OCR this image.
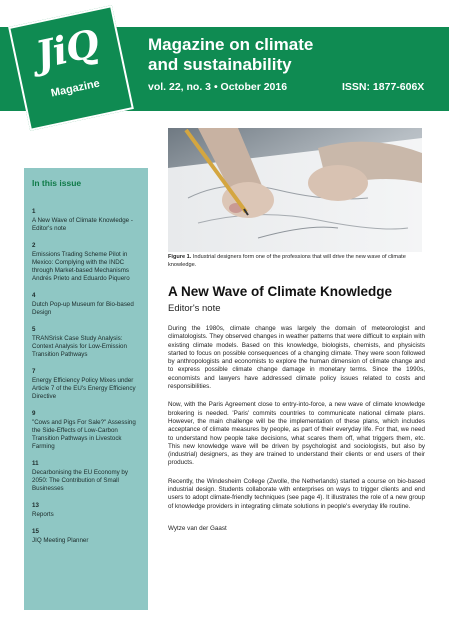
JiQ
Magazine
Magazine on climate
and sustainability
vol. 22, no. 3 • October 2016	ISSN: 1877-606X
In this issue
1
A New Wave of Climate Knowledge - Editor's note
2
Emissions Trading Scheme Pilot in Mexico: Complying with the INDC through Market-based Mechanisms
Andrés Prieto and Eduardo Piquero
4
Dutch Pop-up Museum for Bio-based Design
5
TRANSrisk Case Study Analysis: Context Analysis for Low-Emission Transition Pathways
7
Energy Efficiency Policy Mixes under Article 7 of the EU's Energy Efficiency Directive
9
"Cows and Pigs For Sale?" Assessing the Side-Effects of Low-Carbon Transition Pathways in Livestock Farming
11
Decarbonising the EU Economy by 2050: The Contribution of Small Businesses
13
Reports
15
JIQ Meeting Planner
Figure 1. Industrial designers form one of the professions that will drive the new wave of climate knowledge.
A New Wave of Climate Knowledge
Editor's note

During the 1980s, climate change was largely the domain of meteorologist and climatologists. They observed changes in weather patterns that were difficult to explain with existing climate models. Based on this knowledge, biologists, chemists, and physicists started to focus on possible consequences of a changing climate. They were soon followed by anthropologists and economists to explore the human dimension of climate change and to express possible climate change damage in monetary terms. Since the 1990s, economists and lawyers have addressed climate policy issues related to costs and responsibilities.

Now, with the Paris Agreement close to entry-into-force, a new wave of climate knowledge brokering is needed. 'Paris' commits countries to communicate national climate plans. However, the main challenge will be the implementation of these plans, which includes acceptance of climate measures by people, as part of their everyday life. For that, we need to understand how people take decisions, what scares them off, what triggers them, etc. This new knowledge wave will be driven by psychologist and sociologists, but also by (industrial) designers, as they are trained to understand their clients or end users of their products.

Recently, the Windesheim College (Zwolle, the Netherlands) started a course on bio-based industrial design. Students collaborate with enterprises on ways to trigger clients and end users to adopt climate-friendly techniques (see page 4). It illustrates the role of a new group of knowledge providers in integrating climate solutions in people's everyday life routine.

Wytze van der Gaast
